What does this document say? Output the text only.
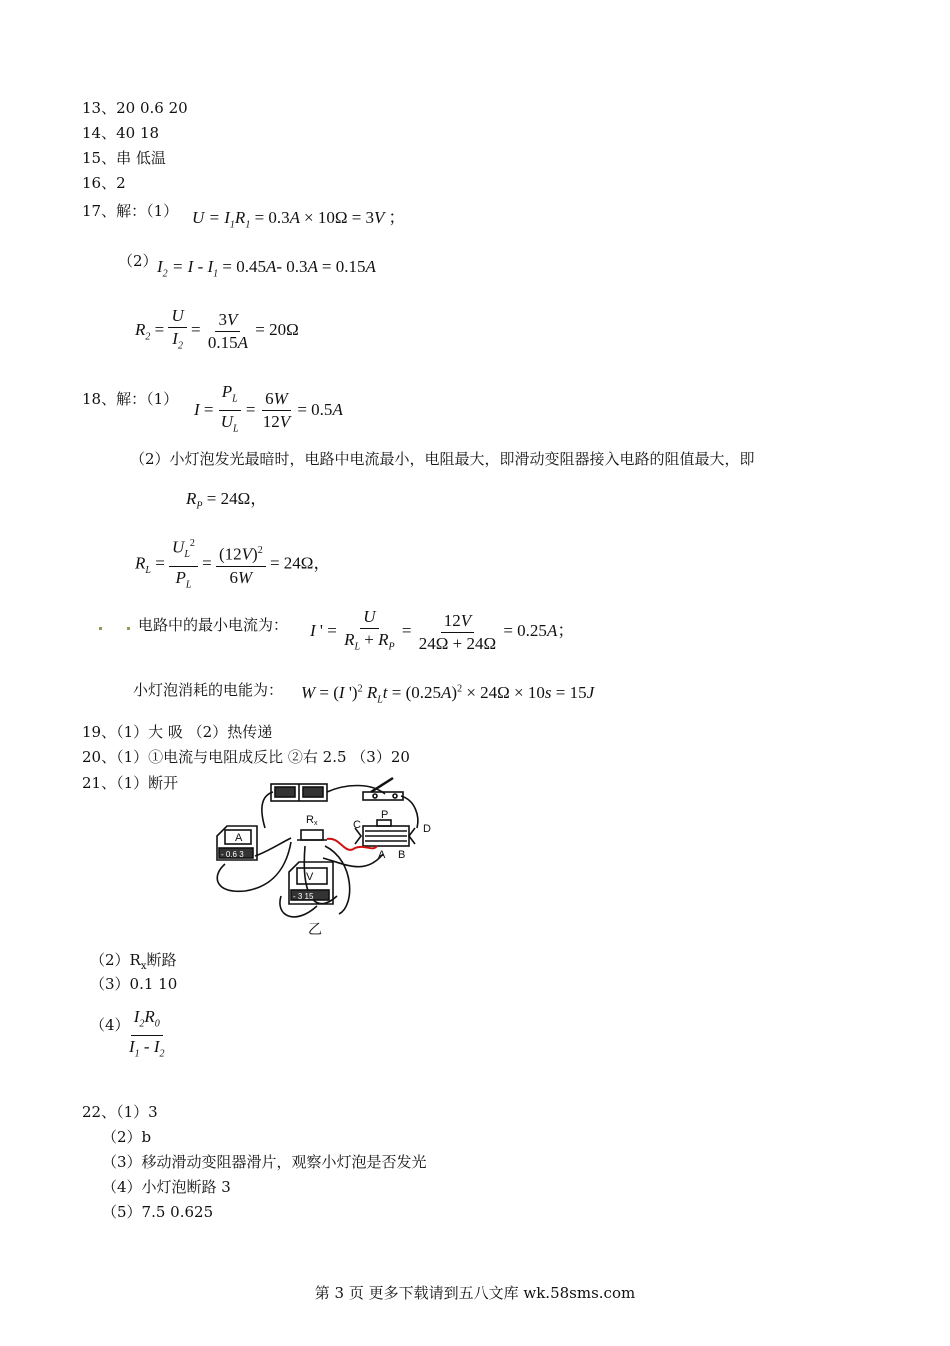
13、20 0.6 20
14、40 18
15、串 低温
16、2
17、解：（1） $U = I_1R_1 = 0.3A \times 10\Omega = 3V$ ；
（2） $I_2 = I - I_1 = 0.45A-$ 0.3A = 0.15A
$R_2 = \frac{U}{I_2} = \frac{3V}{0.15A} = 20\Omega$
18、解：（1）
$I = \frac{P_L}{U_L} = \frac{6W}{12V} = 0.5A$
（2）小灯泡发光最暗时，电路中电流最小，电阻最大，即滑动变阻器接入电路的阻值最大，即
$R_P = 24\Omega$，
$R_L = \frac{U_L^2}{P_L} = \frac{(12V)^2}{6W} = 24\Omega$，
电路中的最小电流为： I ' = $\frac{U}{R_L + R_P} = \frac{12V}{24\Omega + 24\Omega} = 0.25A$；
小灯泡消耗的电能为： W = (I ')$^2$ $R_Lt = (0.25A)^2 \times 24\Omega \times 10s = 15J$
19、（1）大 吸 （2）热传递
20、（1）①电流与电阻成反比 ②右 2.5 （3）20
21、（1）断开
A
- 0.6 3
Rx
P
C	D
A B
V
- 3 15
乙
$(2)R_x$断路
（3）0.1 10
（4）
$\frac{I_2R_0}{I_1 - I_2}$
22、（1）3
（2）b
（3）移动滑动变阻器滑片，观察小灯泡是否发光
（4）小灯泡断路 3
（5）7.5 0.625
第 3 页 更多下载请到五八文库 wk.58sms.com
